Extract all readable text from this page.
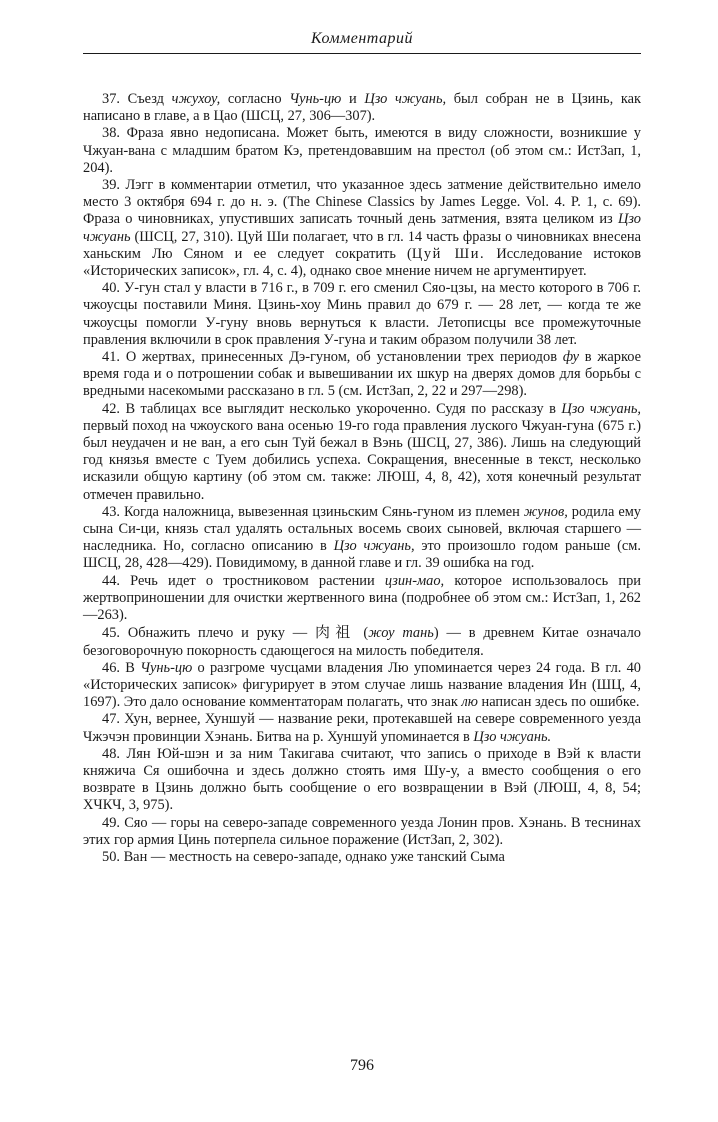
Комментарий

37. Съезд чжухоу, согласно Чунь-цю и Цзо чжуань, был собран не в Цзинь, как написано в главе, а в Цао (ШСЦ, 27, 306—307).

38. Фраза явно недописана. Может быть, имеются в виду сложности, возникшие у Чжуан-вана с младшим братом Кэ, претендовавшим на престол (об этом см.: ИстЗап, 1, 204).

39. Лэгг в комментарии отметил, что указанное здесь затмение действительно имело место 3 октября 694 г. до н. э. (The Chinese Classics by James Legge. Vol. 4. P. 1, c. 69). Фраза о чиновниках, упустивших записать точный день затмения, взята целиком из Цзо чжуань (ШСЦ, 27, 310). Цуй Ши полагает, что в гл. 14 часть фразы о чиновниках внесена ханьским Лю Сяном и ее следует сократить (Цуй Ши. Исследование истоков «Исторических записок», гл. 4, с. 4), однако свое мнение ничем не аргументирует.

40. У-гун стал у власти в 716 г., в 709 г. его сменил Сяо-цзы, на место которого в 706 г. чжоусцы поставили Миня. Цзинь-хоу Минь правил до 679 г. — 28 лет, — когда те же чжоусцы помогли У-гуну вновь вернуться к власти. Летописцы все промежуточные правления включили в срок правления У-гуна и таким образом получили 38 лет.

41. О жертвах, принесенных Дэ-гуном, об установлении трех периодов фу в жаркое время года и о потрошении собак и вывешивании их шкур на дверях домов для борьбы с вредными насекомыми рассказано в гл. 5 (см. ИстЗап, 2, 22 и 297—298).

42. В таблицах все выглядит несколько укороченно. Судя по рассказу в Цзо чжуань, первый поход на чжоуского вана осенью 19-го года правления луского Чжуан-гуна (675 г.) был неудачен и не ван, а его сын Туй бежал в Вэнь (ШСЦ, 27, 386). Лишь на следующий год князья вместе с Туем добились успеха. Сокращения, внесенные в текст, несколько исказили общую картину (об этом см. также: ЛЮШ, 4, 8, 42), хотя конечный результат отмечен правильно.

43. Когда наложница, вывезенная цзиньским Сянь-гуном из племен жунов, родила ему сына Си-ци, князь стал удалять остальных восемь своих сыновей, включая старшего — наследника. Но, согласно описанию в Цзо чжуань, это произошло годом раньше (см. ШСЦ, 28, 428—429). Повидимому, в данной главе и гл. 39 ошибка на год.

44. Речь идет о тростниковом растении цзин-мао, которое использовалось при жертвоприношении для очистки жертвенного вина (подробнее об этом см.: ИстЗап, 1, 262—263).

45. Обнажить плечо и руку — 肉祖 (жоу тань) — в древнем Китае означало безоговорочную покорность сдающегося на милость победителя.

46. В Чунь-цю о разгроме чусцами владения Лю упоминается через 24 года. В гл. 40 «Исторических записок» фигурирует в этом случае лишь название владения Ин (ШЦ, 4, 1697). Это дало основание комментаторам полагать, что знак лю написан здесь по ошибке.

47. Хун, вернее, Хуншуй — название реки, протекавшей на севере современного уезда Чжэчэн провинции Хэнань. Битва на р. Хуншуй упоминается в Цзо чжуань.

48. Лян Юй-шэн и за ним Такигава считают, что запись о приходе в Вэй к власти княжича Ся ошибочна и здесь должно стоять имя Шу-у, а вместо сообщения о его возврате в Цзинь должно быть сообщение о его возвращении в Вэй (ЛЮШ, 4, 8, 54; ХЧКЧ, 3, 975).

49. Сяо — горы на северо-западе современного уезда Лонин пров. Хэнань. В теснинах этих гор армия Цинь потерпела сильное поражение (ИстЗап, 2, 302).

50. Ван — местность на северо-западе, однако уже танский Сыма

796
